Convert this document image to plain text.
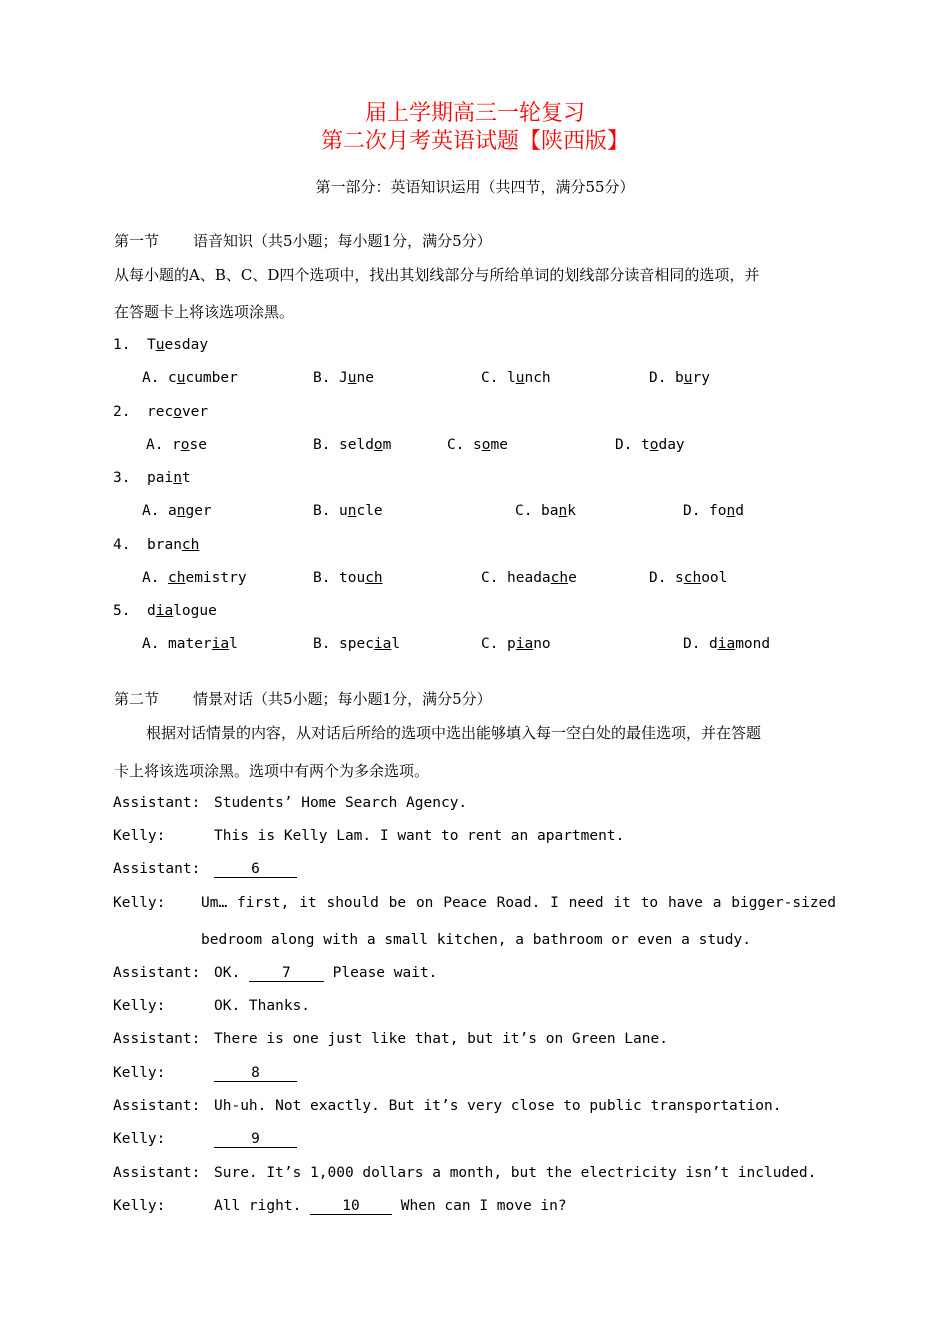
届上学期高三一轮复习
第二次月考英语试题【陕西版】
第一部分：英语知识运用（共四节，满分55分）
第一节 语音知识（共5小题；每小题1分，满分5分）
从每小题的A、B、C、D四个选项中，找出其划线部分与所给单词的划线部分读音相同的选项，并
在答题卡上将该选项涂黑。
1. Tuesday
A. cucumber	B. June	C. lunch	D. bury
2. recover
A. rose	B. seldom	C. some	D. today
3. paint
A. anger	B. uncle	C. bank	D. fond
4. branch
A. chemistry	B. touch	C. headache	D. school
5. dialogue
A. material	B. special	C. piano	D. diamond
第二节 情景对话（共5小题；每小题1分，满分5分）
根据对话情景的内容，从对话后所给的选项中选出能够填入每一空白处的最佳选项，并在答题
卡上将该选项涂黑。选项中有两个为多余选项。
Assistant: Students’ Home Search Agency.
Kelly:	This is Kelly Lam. I want to rent an apartment.
Assistant:	6
Kelly: Um… first, it should be on Peace Road. I need it to have a bigger-sized
bedroom along with a small kitchen, a bathroom or even a study.
Assistant: OK. 7 Please wait.
Kelly:	OK. Thanks.
Assistant: There is one just like that, but it’s on Green Lane.
Kelly:	8
Assistant: Uh-uh. Not exactly. But it’s very close to public transportation.
Kelly:	9
Assistant: Sure. It’s 1,000 dollars a month, but the electricity isn’t included.
Kelly:	All right. 10 When can I move in?
